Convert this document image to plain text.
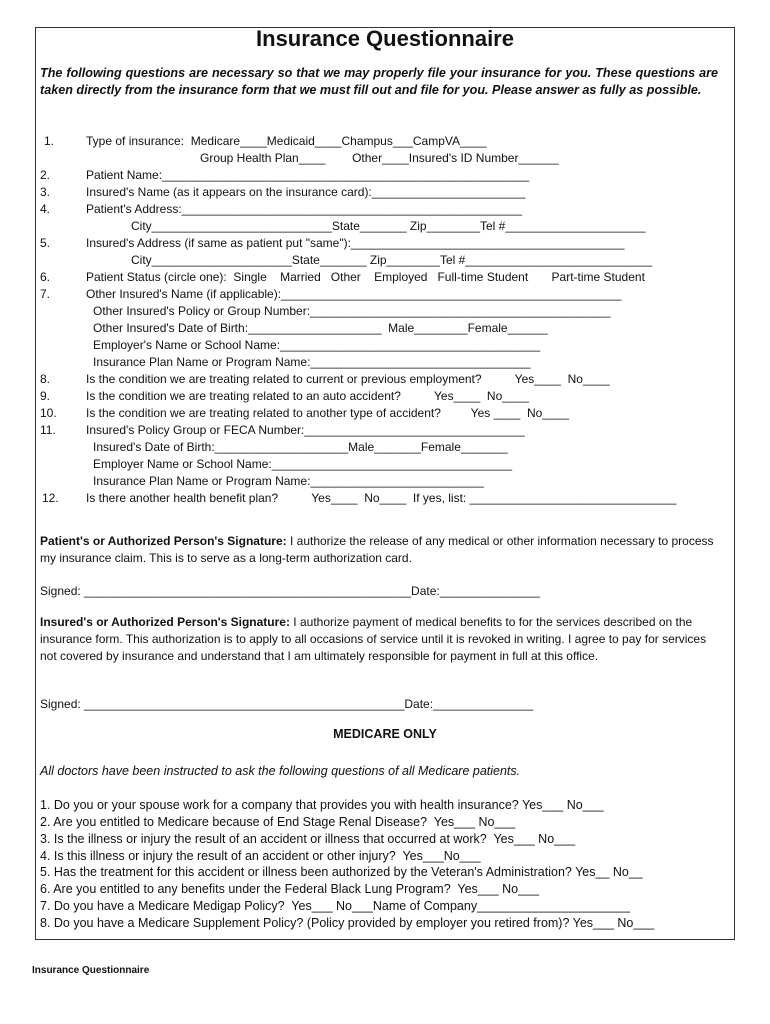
Insurance Questionnaire
The following questions are necessary so that we may properly file your insurance for you. These questions are taken directly from the insurance form that we must fill out and file for you. Please answer as fully as possible.
1.	Type of insurance:  Medicare____Medicaid____Champus___CampVA____
Group Health Plan____        Other____Insured's ID Number______
2.	Patient Name:_______________________________________________________
3.	Insured's Name (as it appears on the insurance card):_______________________
4.	Patient's Address:___________________________________________________
City___________________________State_______ Zip________Tel #_____________________
5.	Insured's Address (if same as patient put "same"):_________________________________________
City_____________________State_______ Zip________Tel #____________________________
6.	Patient Status (circle one):  Single    Married   Other    Employed   Full-time Student       Part-time Student
7.	Other Insured's Name (if applicable):___________________________________________________
Other Insured's Policy or Group Number:_____________________________________________
Other Insured's Date of Birth:____________________  Male________Female______
Employer's Name or School Name:_______________________________________
Insurance Plan Name or Program Name:_________________________________
8.	Is the condition we are treating related to current or previous employment?          Yes____  No____
9.	Is the condition we are treating related to an auto accident?          Yes____  No____
10. Is the condition we are treating related to another type of accident?         Yes ____  No____
11.	Insured's Policy Group or FECA Number:_________________________________
Insured's Date of Birth:____________________Male_______Female_______
Employer Name or School Name:____________________________________
Insurance Plan Name or Program Name:__________________________
12. Is there another health benefit plan?          Yes____  No____  If yes, list: _______________________________
Patient's or Authorized Person's Signature: I authorize the release of any medical or other information necessary to process my insurance claim. This is to serve as a long-term authorization card.
Signed: _________________________________________________Date:_______________
Insured's or Authorized Person's Signature: I authorize payment of medical benefits to for the services described on the insurance form. This authorization is to apply to all occasions of service until it is revoked in writing. I agree to pay for services not covered by insurance and understand that I am ultimately responsible for payment in full at this office.
Signed: ________________________________________________Date:_______________
MEDICARE ONLY
All doctors have been instructed to ask the following questions of all Medicare patients.
1. Do you or your spouse work for a company that provides you with health insurance? Yes___ No___
2. Are you entitled to Medicare because of End Stage Renal Disease?  Yes___ No___
3. Is the illness or injury the result of an accident or illness that occurred at work?  Yes___ No___
4. Is this illness or injury the result of an accident or other injury?  Yes___No___
5. Has the treatment for this accident or illness been authorized by the Veteran's Administration? Yes__ No__
6. Are you entitled to any benefits under the Federal Black Lung Program?  Yes___ No___
7. Do you have a Medicare Medigap Policy?  Yes___ No___Name of Company______________________
8. Do you have a Medicare Supplement Policy? (Policy provided by employer you retired from)? Yes___ No___
Insurance Questionnaire
